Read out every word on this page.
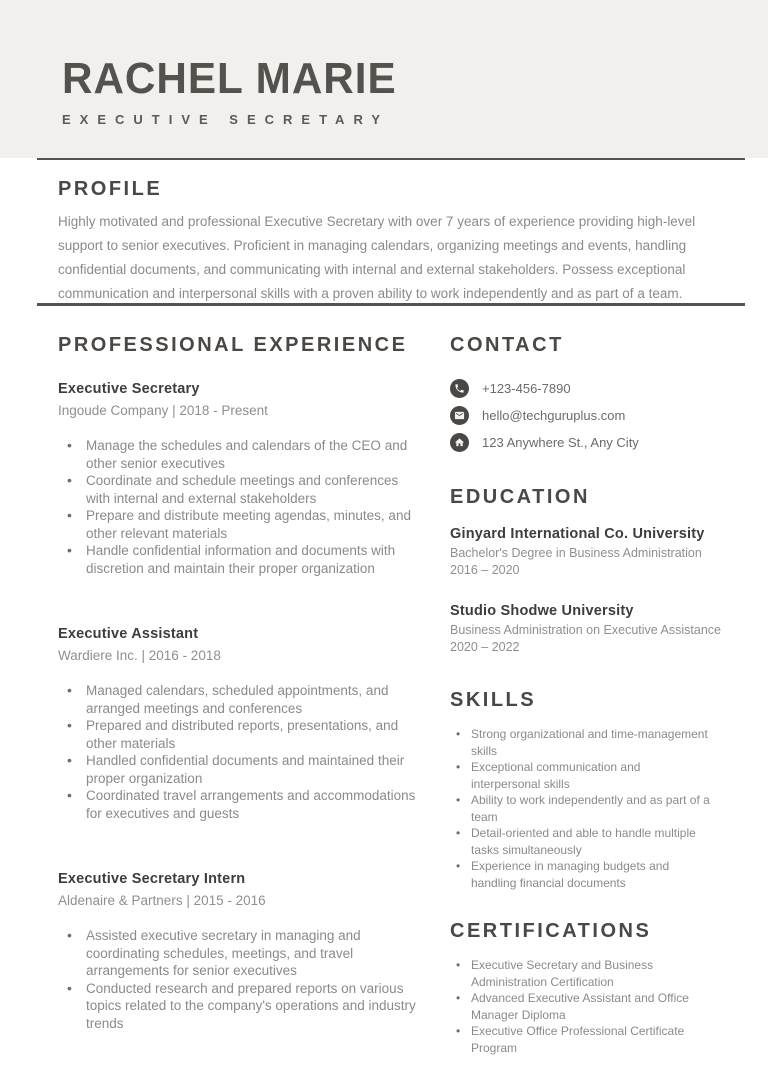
RACHEL MARIE
EXECUTIVE SECRETARY
PROFILE

Highly motivated and professional Executive Secretary with over 7 years of experience providing high-level support to senior executives. Proficient in managing calendars, organizing meetings and events, handling confidential documents, and communicating with internal and external stakeholders. Possess exceptional communication and interpersonal skills with a proven ability to work independently and as part of a team.

PROFESSIONAL EXPERIENCE
Executive Secretary
Ingoude Company | 2018 - Present
• Manage the schedules and calendars of the CEO and other senior executives
• Coordinate and schedule meetings and conferences with internal and external stakeholders
• Prepare and distribute meeting agendas, minutes, and other relevant materials
• Handle confidential information and documents with discretion and maintain their proper organization
Executive Assistant
Wardiere Inc. | 2016 - 2018
• Managed calendars, scheduled appointments, and arranged meetings and conferences
• Prepared and distributed reports, presentations, and other materials
• Handled confidential documents and maintained their proper organization
• Coordinated travel arrangements and accommodations for executives and guests
Executive Secretary Intern
Aldenaire & Partners | 2015 - 2016
• Assisted executive secretary in managing and coordinating schedules, meetings, and travel arrangements for senior executives
• Conducted research and prepared reports on various topics related to the company's operations and industry trends
CONTACT
+123-456-7890
hello@techguruplus.com
123 Anywhere St., Any City
EDUCATION
Ginyard International Co. University
Bachelor's Degree in Business Administration
2016 – 2020
Studio Shodwe University
Business Administration on Executive Assistance
2020 – 2022
SKILLS
• Strong organizational and time-management skills
• Exceptional communication and interpersonal skills
• Ability to work independently and as part of a team
• Detail-oriented and able to handle multiple tasks simultaneously
• Experience in managing budgets and handling financial documents
CERTIFICATIONS
• Executive Secretary and Business Administration Certification
• Advanced Executive Assistant and Office Manager Diploma
• Executive Office Professional Certificate Program
